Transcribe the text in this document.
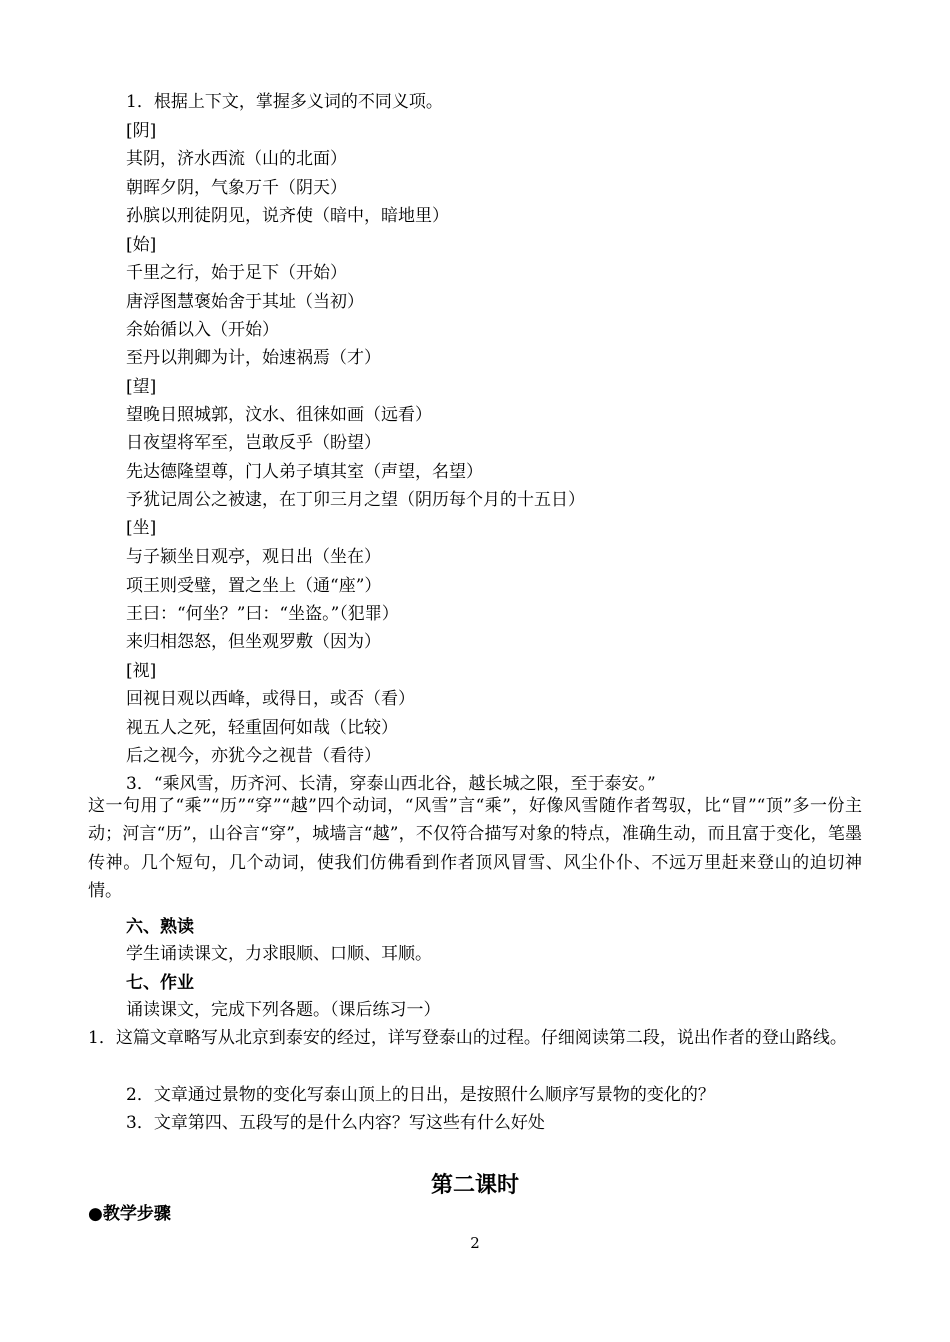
1．根据上下文，掌握多义词的不同义项。
[阴]
其阴，济水西流（山的北面）
朝晖夕阴，气象万千（阴天）
孙膑以刑徒阴见，说齐使（暗中，暗地里）
[始]
千里之行，始于足下（开始）
唐浮图慧褒始舍于其址（当初）
余始循以入（开始）
至丹以荆卿为计，始速祸焉（才）
[望]
望晚日照城郭，汶水、徂徕如画（远看）
日夜望将军至，岂敢反乎（盼望）
先达德隆望尊，门人弟子填其室（声望，名望）
予犹记周公之被逮，在丁卯三月之望（阴历每个月的十五日）
[坐]
与子颍坐日观亭，观日出（坐在）
项王则受璧，置之坐上（通“座”）
王曰：“何坐？”曰：“坐盗。”（犯罪）
来归相怨怒，但坐观罗敷（因为）
[视]
回视日观以西峰，或得日，或否（看）
视五人之死，轻重固何如哉（比较）
后之视今，亦犹今之视昔（看待）
3．“乘风雪，历齐河、长清，穿泰山西北谷，越长城之限，至于泰安。”
这一句用了“乘”“历”“穿”“越”四个动词，“风雪”言“乘”，好像风雪随作者驾驭，比“冒”“顶”多一份主动；河言“历”，山谷言“穿”，城墙言“越”，不仅符合描写对象的特点，准确生动，而且富于变化，笔墨传神。几个短句，几个动词，使我们仿佛看到作者顶风冒雪、风尘仆仆、不远万里赶来登山的迫切神情。
六、熟读
学生诵读课文，力求眼顺、口顺、耳顺。
七、作业
诵读课文，完成下列各题。（课后练习一）
1．这篇文章略写从北京到泰安的经过，详写登泰山的过程。仔细阅读第二段，说出作者的登山路线。
2．文章通过景物的变化写泰山顶上的日出，是按照什么顺序写景物的变化的？
3．文章第四、五段写的是什么内容？写这些有什么好处
第二课时
●教学步骤
2
